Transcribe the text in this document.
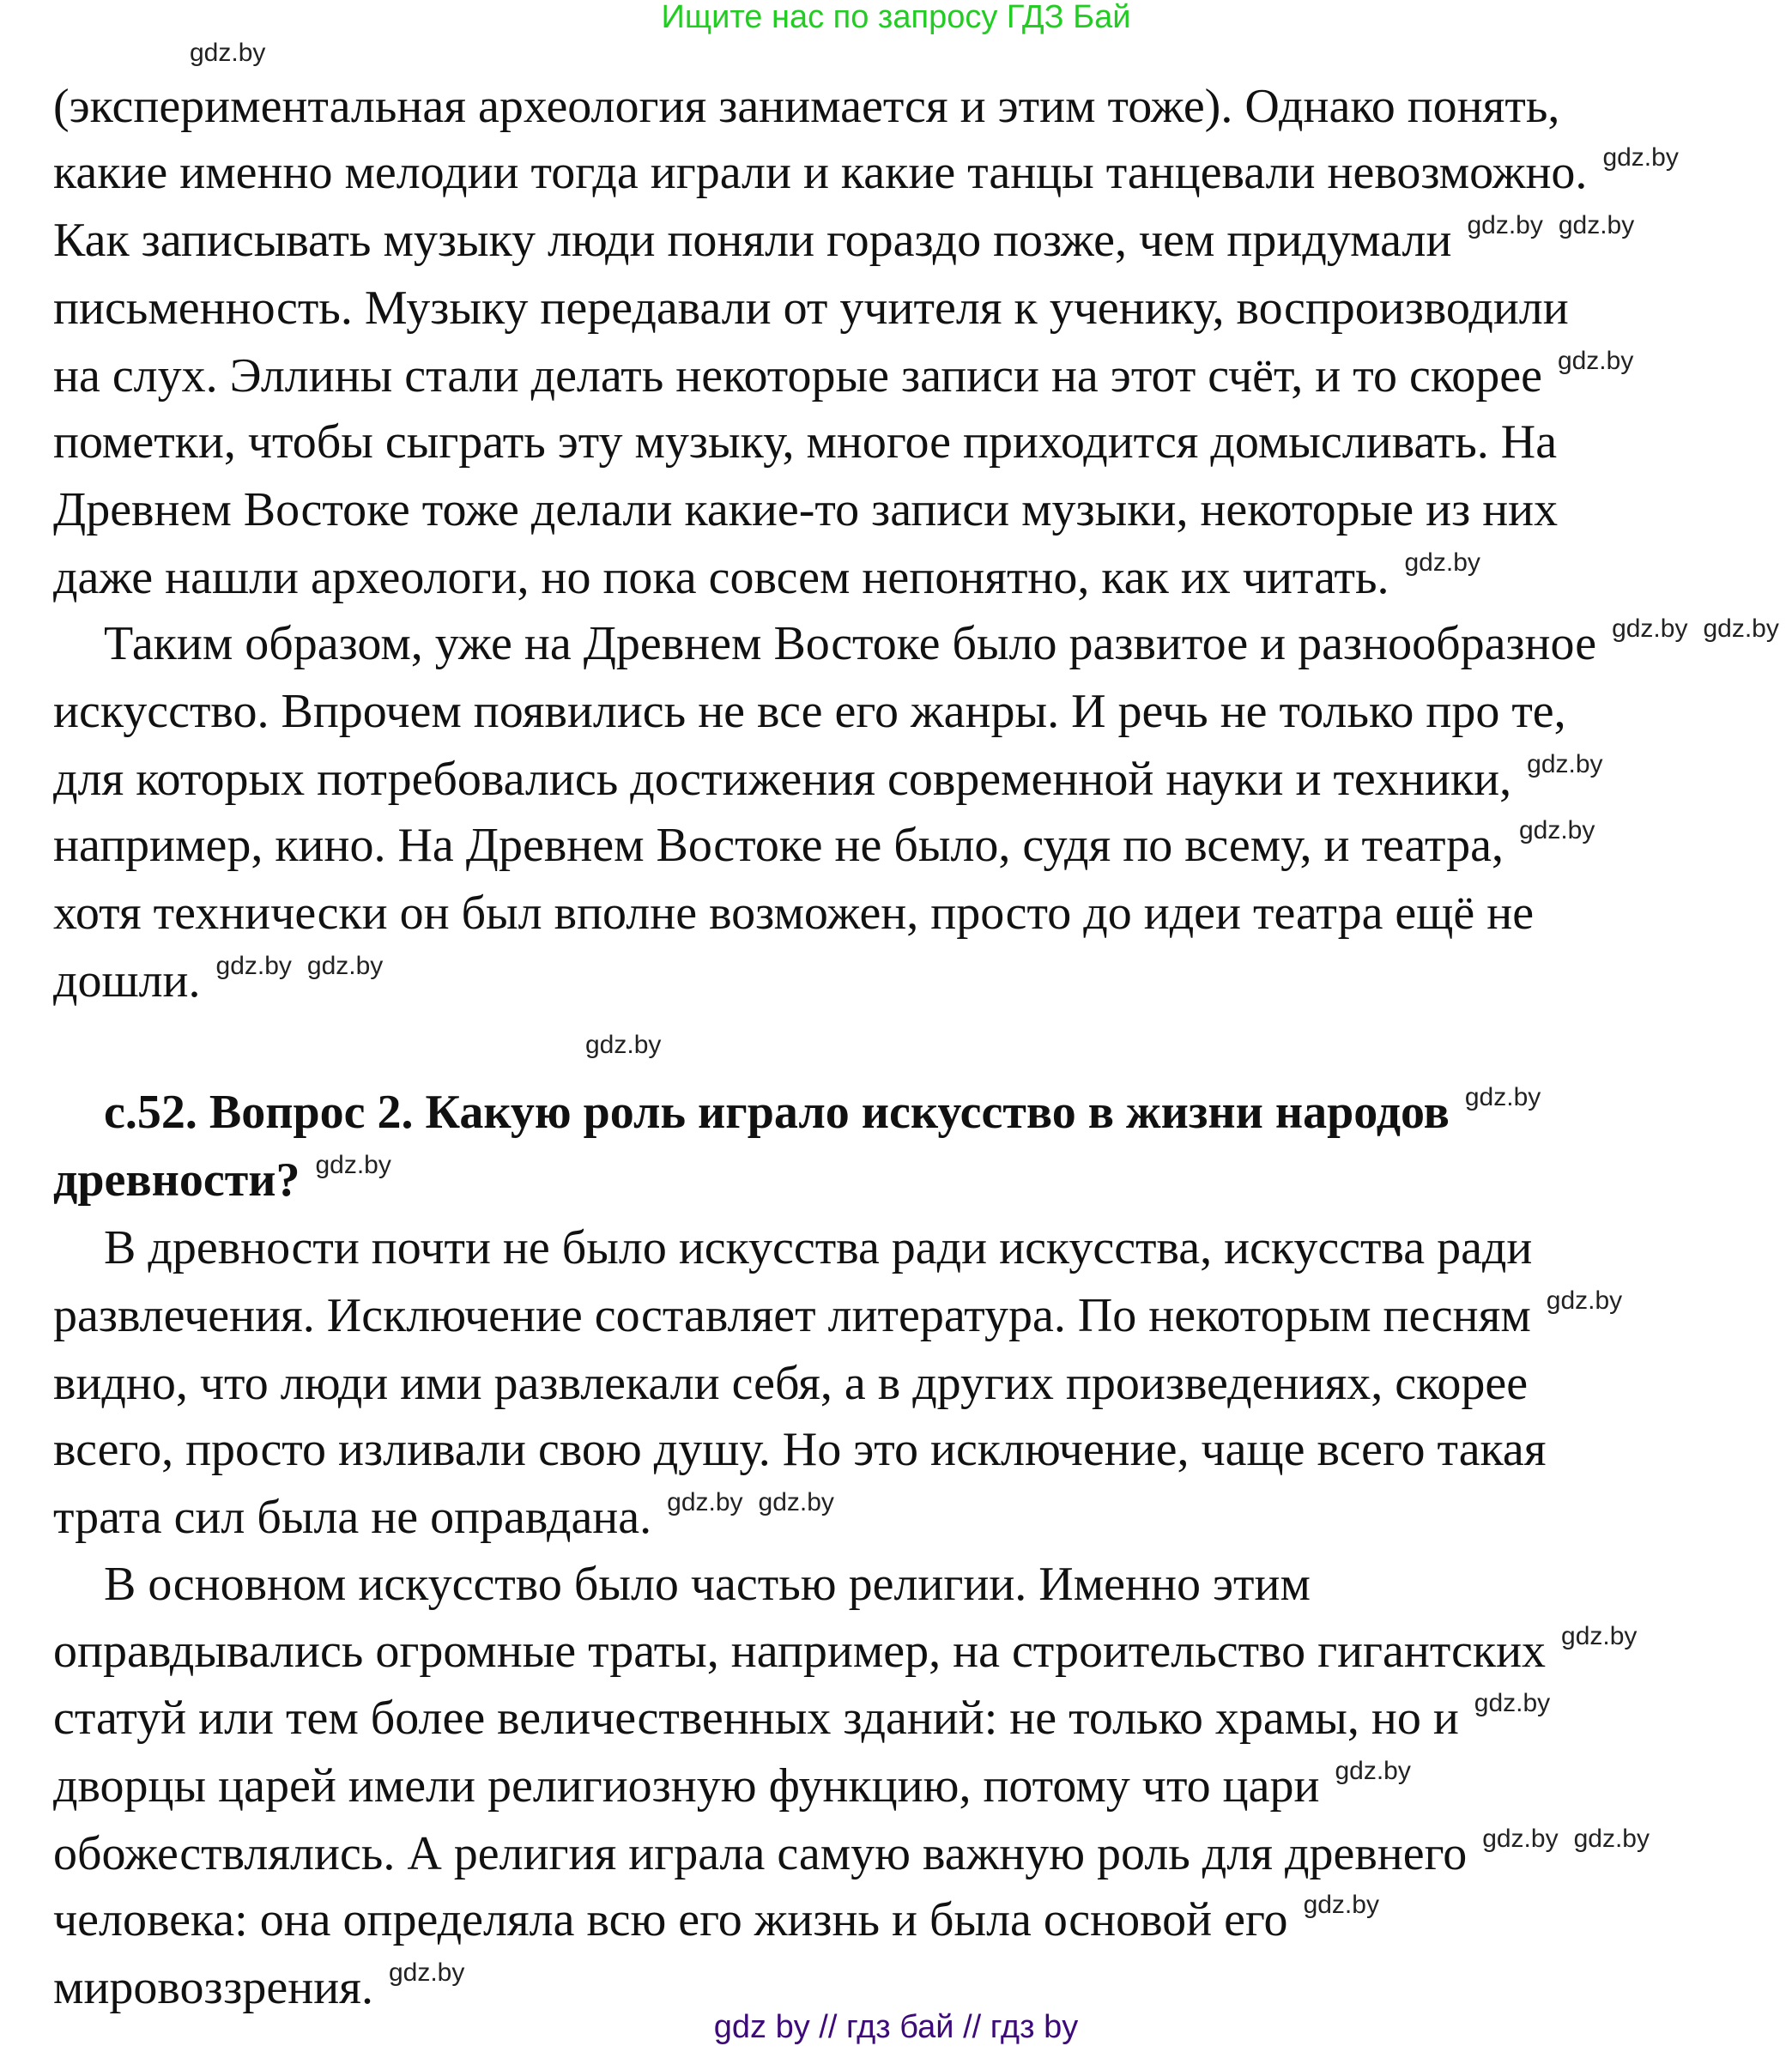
Ищите нас по запросу ГДЗ Бай
(экспериментальная археология занимается и этим тоже). Однако понять,
какие именно мелодии тогда играли и какие танцы танцевали невозможно. gdz.by
Как записывать музыку люди поняли гораздо позже, чем придумали gdz.by gdz.by
письменность. Музыку передавали от учителя к ученику, воспроизводили
на слух. Эллины стали делать некоторые записи на этот счёт, и то скорее gdz.by
пометки, чтобы сыграть эту музыку, многое приходится домысливать. На
Древнем Востоке тоже делали какие-то записи музыки, некоторые из них
даже нашли археологи, но пока совсем непонятно, как их читать. gdz.by
Таким образом, уже на Древнем Востоке было развитое и разнообразное gdz.by gdz.by
искусство. Впрочем появились не все его жанры. И речь не только про те,
для которых потребовались достижения современной науки и техники, gdz.by
например, кино. На Древнем Востоке не было, судя по всему, и театра, gdz.by
хотя технически он был вполне возможен, просто до идеи театра ещё не
дошли. gdz.by gdz.by
с.52. Вопрос 2. Какую роль играло искусство в жизни народов gdz.by
древности? gdz.by
В древности почти не было искусства ради искусства, искусства ради
развлечения. Исключение составляет литература. По некоторым песням gdz.by
видно, что люди ими развлекали себя, а в других произведениях, скорее
всего, просто изливали свою душу. Но это исключение, чаще всего такая
трата сил была не оправдана. gdz.by gdz.by
В основном искусство было частью религии. Именно этим
оправдывались огромные траты, например, на строительство гигантских gdz.by
статуй или тем более величественных зданий: не только храмы, но и gdz.by
дворцы царей имели религиозную функцию, потому что цари gdz.by
обожествлялись. А религия играла самую важную роль для древнего gdz.by gdz.by
человека: она определяла всю его жизнь и была основой его gdz.by
мировоззрения. gdz.by
gdz.by
gdz.by
gdz by // гдз бай // гдз by
